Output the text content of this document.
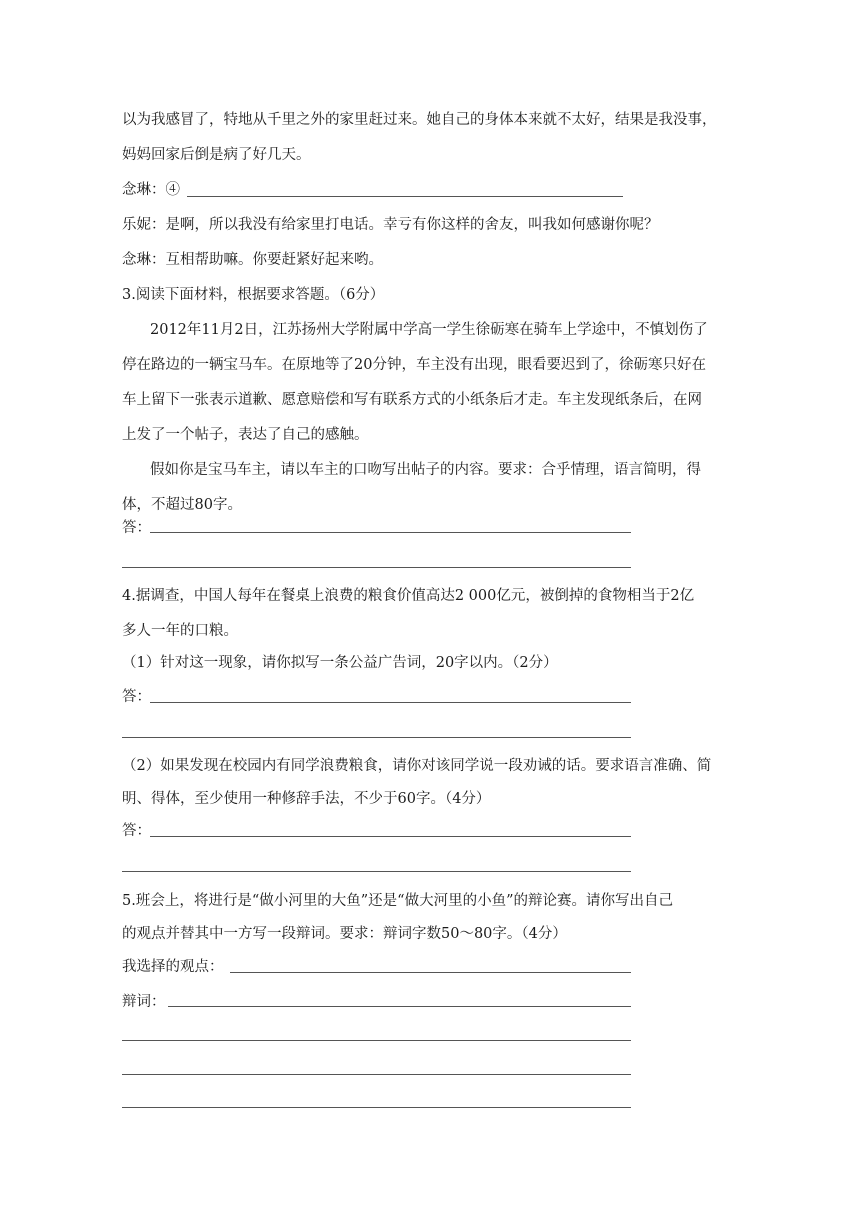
以为我感冒了，特地从千里之外的家里赶过来。她自己的身体本来就不太好，结果是我没事，
妈妈回家后倒是病了好几天。
念琳：④
乐妮：是啊，所以我没有给家里打电话。幸亏有你这样的舍友，叫我如何感谢你呢？
念琳：互相帮助嘛。你要赶紧好起来哟。
3.阅读下面材料，根据要求答题。（6分）
2012年11月2日，江苏扬州大学附属中学高一学生徐砺寒在骑车上学途中，不慎划伤了
停在路边的一辆宝马车。在原地等了20分钟，车主没有出现，眼看要迟到了，徐砺寒只好在
车上留下一张表示道歉、愿意赔偿和写有联系方式的小纸条后才走。车主发现纸条后，在网
上发了一个帖子，表达了自己的感触。
假如你是宝马车主，请以车主的口吻写出帖子的内容。要求：合乎情理，语言简明，得
体，不超过80字。
答：
4.据调查，中国人每年在餐桌上浪费的粮食价值高达2 000亿元，被倒掉的食物相当于2亿
多人一年的口粮。
（1）针对这一现象，请你拟写一条公益广告词，20字以内。（2分）
答：
（2）如果发现在校园内有同学浪费粮食，请你对该同学说一段劝诫的话。要求语言准确、简
明、得体，至少使用一种修辞手法，不少于60字。（4分）
答：
5.班会上，将进行是“做小河里的大鱼”还是“做大河里的小鱼”的辩论赛。请你写出自己
的观点并替其中一方写一段辩词。要求：辩词字数50～80字。（4分）
我选择的观点：
辩词：
